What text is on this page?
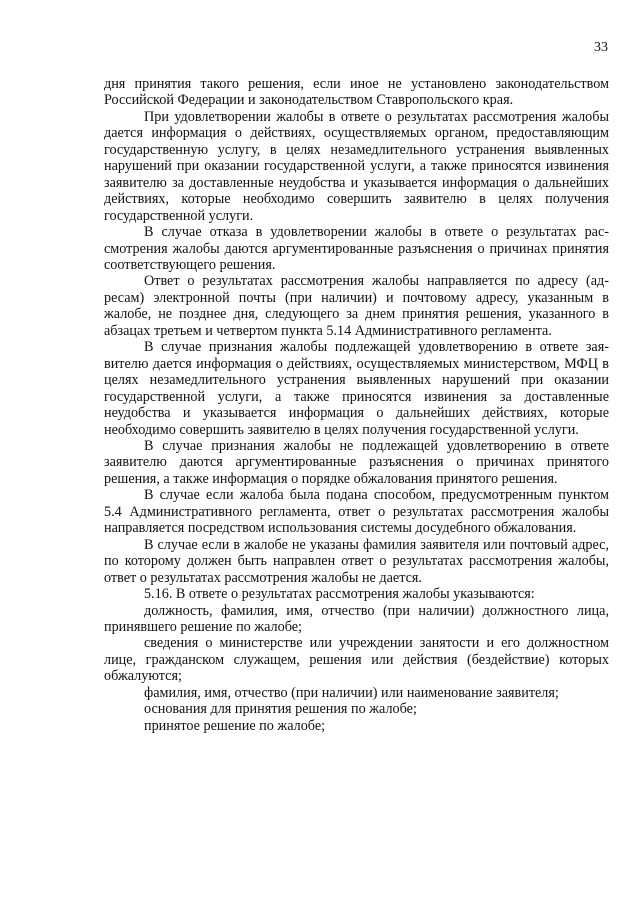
33

дня принятия такого решения, если иное не установлено законодательством Российской Федерации и законодательством Ставропольского края.

При удовлетворении жалобы в ответе о результатах рассмотрения жалобы дается информация о действиях, осуществляемых органом, предоставляющим государственную услугу, в целях незамедлительного устранения выявленных нарушений при оказании государственной услуги, а также приносятся извинения заявителю за доставленные неудобства и указывается информация о дальнейших действиях, которые необходимо совершить заявителю в целях получения государственной услуги.

В случае отказа в удовлетворении жалобы в ответе о результатах рассмотрения жалобы даются аргументированные разъяснения о причинах принятия соответствующего решения.

Ответ о результатах рассмотрения жалобы направляется по адресу (адресам) электронной почты (при наличии) и почтовому адресу, указанным в жалобе, не позднее дня, следующего за днем принятия решения, указанного в абзацах третьем и четвертом пункта 5.14 Административного регламента.

В случае признания жалобы подлежащей удовлетворению в ответе заявителю дается информация о действиях, осуществляемых министерством, МФЦ в целях незамедлительного устранения выявленных нарушений при оказании государственной услуги, а также приносятся извинения за доставленные неудобства и указывается информация о дальнейших действиях, которые необходимо совершить заявителю в целях получения государственной услуги.

В случае признания жалобы не подлежащей удовлетворению в ответе заявителю даются аргументированные разъяснения о причинах принятого решения, а также информация о порядке обжалования принятого решения.

В случае если жалоба была подана способом, предусмотренным пунктом 5.4 Административного регламента, ответ о результатах рассмотрения жалобы направляется посредством использования системы досудебного обжалования.

В случае если в жалобе не указаны фамилия заявителя или почтовый адрес, по которому должен быть направлен ответ о результатах рассмотрения жалобы, ответ о результатах рассмотрения жалобы не дается.

5.16. В ответе о результатах рассмотрения жалобы указываются:

должность, фамилия, имя, отчество (при наличии) должностного лица, принявшего решение по жалобе;

сведения о министерстве или учреждении занятости и его должностном лице, гражданском служащем, решения или действия (бездействие) которых обжалуются;

фамилия, имя, отчество (при наличии) или наименование заявителя;

основания для принятия решения по жалобе;

принятое решение по жалобе;
